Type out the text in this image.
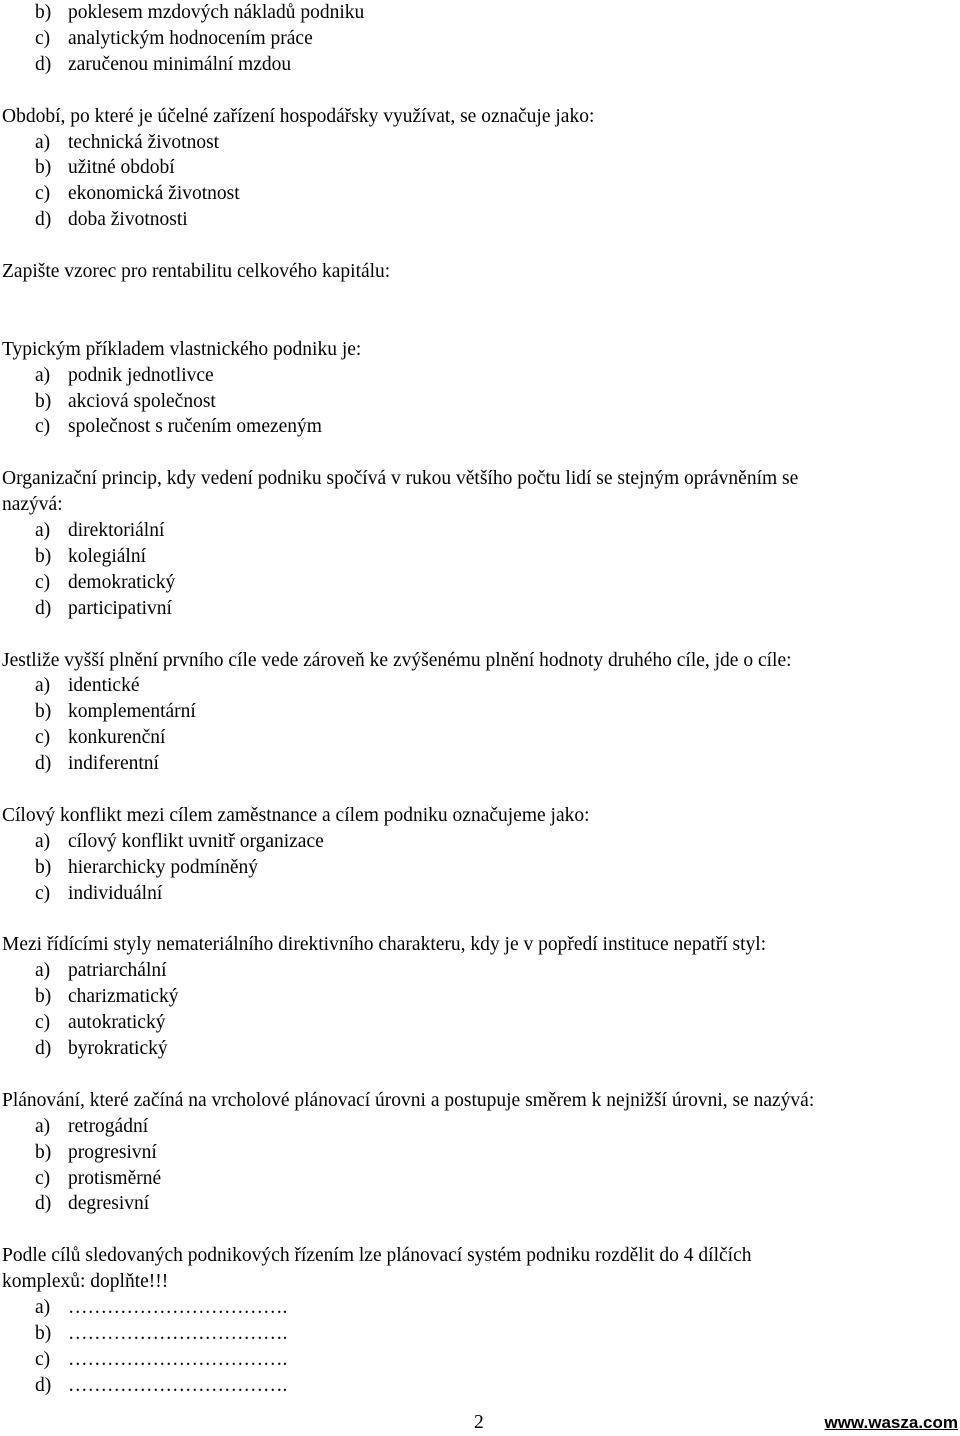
b) poklesem mzdových nákladů podniku
c) analytickým hodnocením práce
d) zaručenou minimální mzdou
Období, po které je účelné zařízení hospodářsky využívat, se označuje jako:
a) technická životnost
b) užitné období
c) ekonomická životnost
d) doba životnosti
Zapište vzorec pro rentabilitu celkového kapitálu:
Typickým příkladem vlastnického podniku je:
a) podnik jednotlivce
b) akciová společnost
c) společnost s ručením omezeným
Organizační princip, kdy vedení podniku spočívá v rukou většího počtu lidí se stejným oprávněním se
nazývá:
a) direktoriální
b) kolegiální
c) demokratický
d) participativní
Jestliže vyšší plnění prvního cíle vede zároveň ke zvýšenému plnění hodnoty druhého cíle, jde o cíle:
a) identické
b) komplementární
c) konkurenční
d) indiferentní
Cílový konflikt mezi cílem zaměstnance a cílem podniku označujeme jako:
a) cílový konflikt uvnitř organizace
b) hierarchicky podmíněný
c) individuální
Mezi řídícími styly nemateriálního direktivního charakteru, kdy je v popředí instituce nepatří styl:
a) patriarchální
b) charizmatický
c) autokratický
d) byrokratický
Plánování, které začíná na vrcholové plánovací úrovni a postupuje směrem k nejnižší úrovni, se nazývá:
a) retrogádní
b) progresivní
c) protisměrné
d) degresivní
Podle cílů sledovaných podnikových řízením lze plánovací systém podniku rozdělit do 4 dílčích
komplexů: doplňte!!!
a) …………………………….
b) …………………………….
c) …………………………….
d) …………………………….
2	www.wasza.com
